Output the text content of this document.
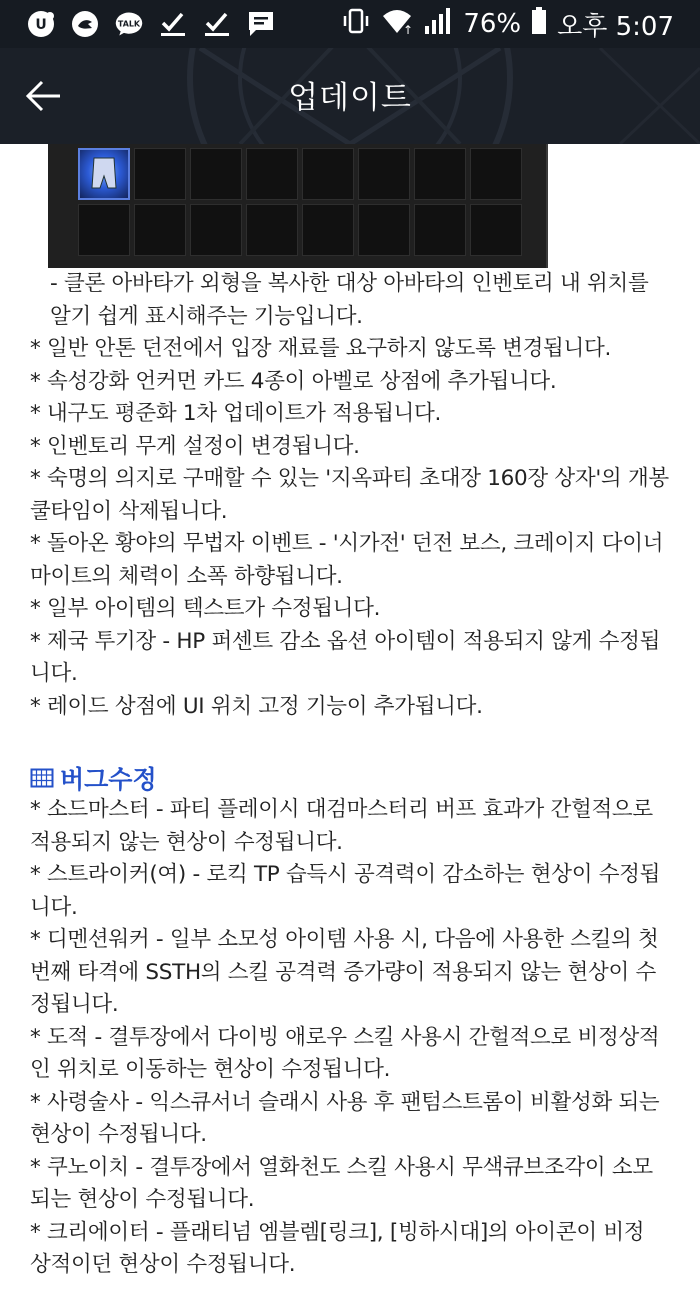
U	TALK	↑ 76% 오후 5:07
업데이트

- 클론 아바타가 외형을 복사한 대상 아바타의 인벤토리 내 위치를

알기 쉽게 표시해주는 기능입니다.

* 일반 안톤 던전에서 입장 재료를 요구하지 않도록 변경됩니다.

* 속성강화 언커먼 카드 4종이 아벨로 상점에 추가됩니다.

* 내구도 평준화 1차 업데이트가 적용됩니다.

* 인벤토리 무게 설정이 변경됩니다.

* 숙명의 의지로 구매할 수 있는 '지옥파티 초대장 160장 상자'의 개봉

쿨타임이 삭제됩니다.

* 돌아온 황야의 무법자 이벤트 - '시가전' 던전 보스, 크레이지 다이너

마이트의 체력이 소폭 하향됩니다.

* 일부 아이템의 텍스트가 수정됩니다.

* 제국 투기장 - HP 퍼센트 감소 옵션 아이템이 적용되지 않게 수정됩

니다.

* 레이드 상점에 UI 위치 고정 기능이 추가됩니다.

버그수정

* 소드마스터 - 파티 플레이시 대검마스터리 버프 효과가 간헐적으로

적용되지 않는 현상이 수정됩니다.

* 스트라이커(여) - 로킥 TP 습득시 공격력이 감소하는 현상이 수정됩

니다.

* 디멘션워커 - 일부 소모성 아이템 사용 시, 다음에 사용한 스킬의 첫

번째 타격에 SSTH의 스킬 공격력 증가량이 적용되지 않는 현상이 수

정됩니다.

* 도적 - 결투장에서 다이빙 애로우 스킬 사용시 간헐적으로 비정상적

인 위치로 이동하는 현상이 수정됩니다.

* 사령술사 - 익스큐서너 슬래시 사용 후 팬텀스트롬이 비활성화 되는

현상이 수정됩니다.

* 쿠노이치 - 결투장에서 열화천도 스킬 사용시 무색큐브조각이 소모

되는 현상이 수정됩니다.

* 크리에이터 - 플래티넘 엠블렘[링크], [빙하시대]의 아이콘이 비정

상적이던 현상이 수정됩니다.
